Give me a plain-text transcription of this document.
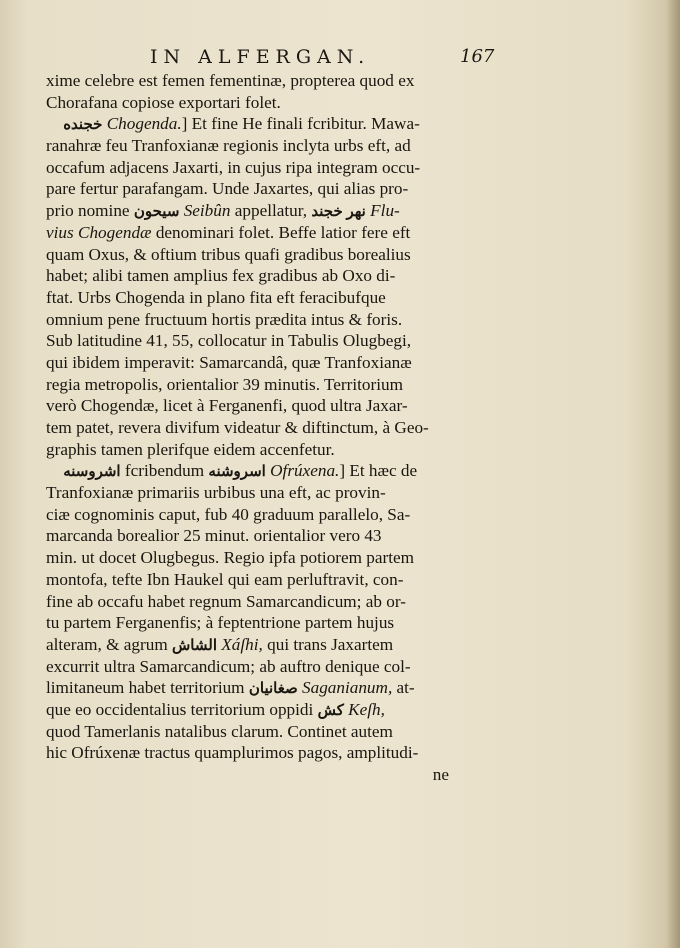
IN ALFERGAN.	167
xime celebre est femen fementinæ, propterea quod ex
Chorafana copiose exportari folet.
خجنده Chogenda.] Et fine He finali fcribitur. Mawa-
ranahræ feu Tranfoxianæ regionis inclyta urbs eft, ad
occafum adjacens Jaxarti, in cujus ripa integram occu-
pare fertur parafangam. Unde Jaxartes, qui alias pro-
prio nomine سيحون Seibûn appellatur, نهر خجند Flu-
vius Chogendæ denominari folet. Beffe latior fere eft
quam Oxus, & oftium tribus quafi gradibus borealius
habet; alibi tamen amplius fex gradibus ab Oxo di-
ftat. Urbs Chogenda in plano fita eft feracibufque
omnium pene fructuum hortis prædita intus & foris.
Sub latitudine 41, 55, collocatur in Tabulis Olugbegi,
qui ibidem imperavit: Samarcandâ, quæ Tranfoxianæ
regia metropolis, orientalior 39 minutis. Territorium
verò Chogendæ, licet à Ferganenfi, quod ultra Jaxar-
tem patet, revera divifum videatur & diftinctum, à Geo-
graphis tamen plerifque eidem accenfetur.
اشروسنه fcribendum اسروشنه Ofrúxena.] Et hæc de
Tranfoxianæ primariis urbibus una eft, ac provin-
ciæ cognominis caput, fub 40 graduum parallelo, Sa-
marcanda borealior 25 minut. orientalior vero 43
min. ut docet Olugbegus. Regio ipfa potiorem partem
montofa, tefte Ibn Haukel qui eam perluftravit, con-
fine ab occafu habet regnum Samarcandicum; ab or-
tu partem Ferganenfis; à feptentrione partem hujus
alteram, & agrum الشاش Xáſhi, qui trans Jaxartem
excurrit ultra Samarcandicum; ab auftro denique col-
limitaneum habet territorium صغانيان Saganianum, at-
que eo occidentalius territorium oppidi كش Keſh,
quod Tamerlanis natalibus clarum. Continet autem
hic Ofrúxenæ tractus quamplurimos pagos, amplitudi-
ne
